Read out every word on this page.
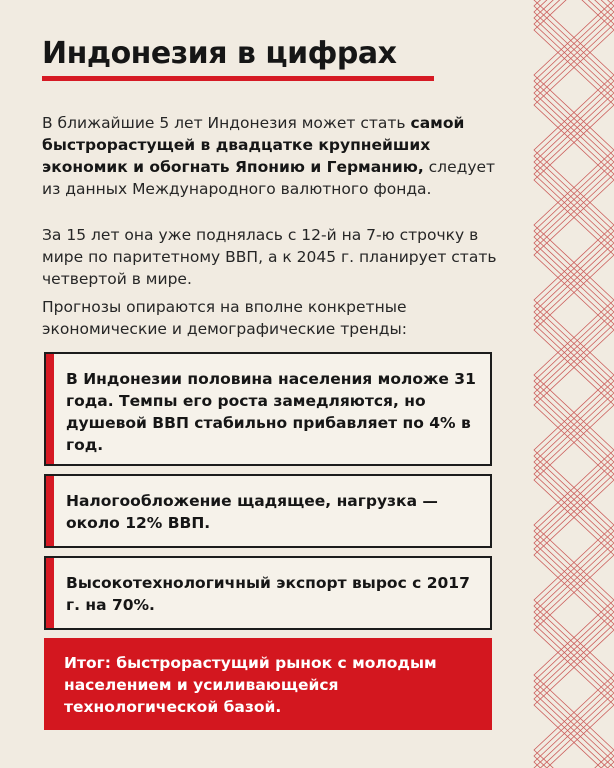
Индонезия в цифрах
В ближайшие 5 лет Индонезия может стать самой быстрорастущей в двадцатке крупнейших экономик и обогнать Японию и Германию, следует из данных Международного валютного фонда.
За 15 лет она уже поднялась с 12-й на 7-ю строчку в мире по паритетному ВВП, а к 2045 г. планирует стать четвертой в мире.
Прогнозы опираются на вполне конкретные экономические и демографические тренды:
В Индонезии половина населения моложе 31 года. Темпы его роста замедляются, но душевой ВВП стабильно прибавляет по 4% в год.
Налогообложение щадящее, нагрузка — около 12% ВВП.
Высокотехнологичный экспорт вырос с 2017 г. на 70%.
Итог: быстрорастущий рынок с молодым населением и усиливающейся технологической базой.
